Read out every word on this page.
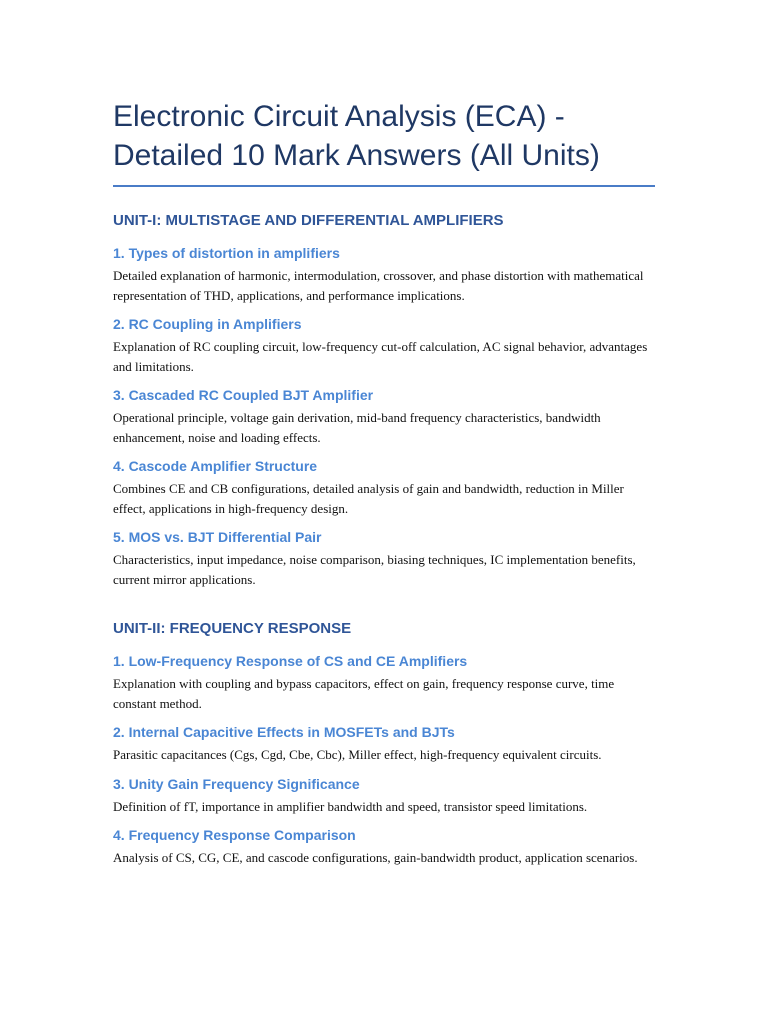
Electronic Circuit Analysis (ECA) - Detailed 10 Mark Answers (All Units)
UNIT-I: MULTISTAGE AND DIFFERENTIAL AMPLIFIERS
1. Types of distortion in amplifiers

Detailed explanation of harmonic, intermodulation, crossover, and phase distortion with mathematical representation of THD, applications, and performance implications.

2. RC Coupling in Amplifiers

Explanation of RC coupling circuit, low-frequency cut-off calculation, AC signal behavior, advantages and limitations.

3. Cascaded RC Coupled BJT Amplifier

Operational principle, voltage gain derivation, mid-band frequency characteristics, bandwidth enhancement, noise and loading effects.

4. Cascode Amplifier Structure

Combines CE and CB configurations, detailed analysis of gain and bandwidth, reduction in Miller effect, applications in high-frequency design.

5. MOS vs. BJT Differential Pair

Characteristics, input impedance, noise comparison, biasing techniques, IC implementation benefits, current mirror applications.

UNIT-II: FREQUENCY RESPONSE
1. Low-Frequency Response of CS and CE Amplifiers

Explanation with coupling and bypass capacitors, effect on gain, frequency response curve, time constant method.

2. Internal Capacitive Effects in MOSFETs and BJTs

Parasitic capacitances (Cgs, Cgd, Cbe, Cbc), Miller effect, high-frequency equivalent circuits.

3. Unity Gain Frequency Significance

Definition of fT, importance in amplifier bandwidth and speed, transistor speed limitations.

4. Frequency Response Comparison

Analysis of CS, CG, CE, and cascode configurations, gain-bandwidth product, application scenarios.
